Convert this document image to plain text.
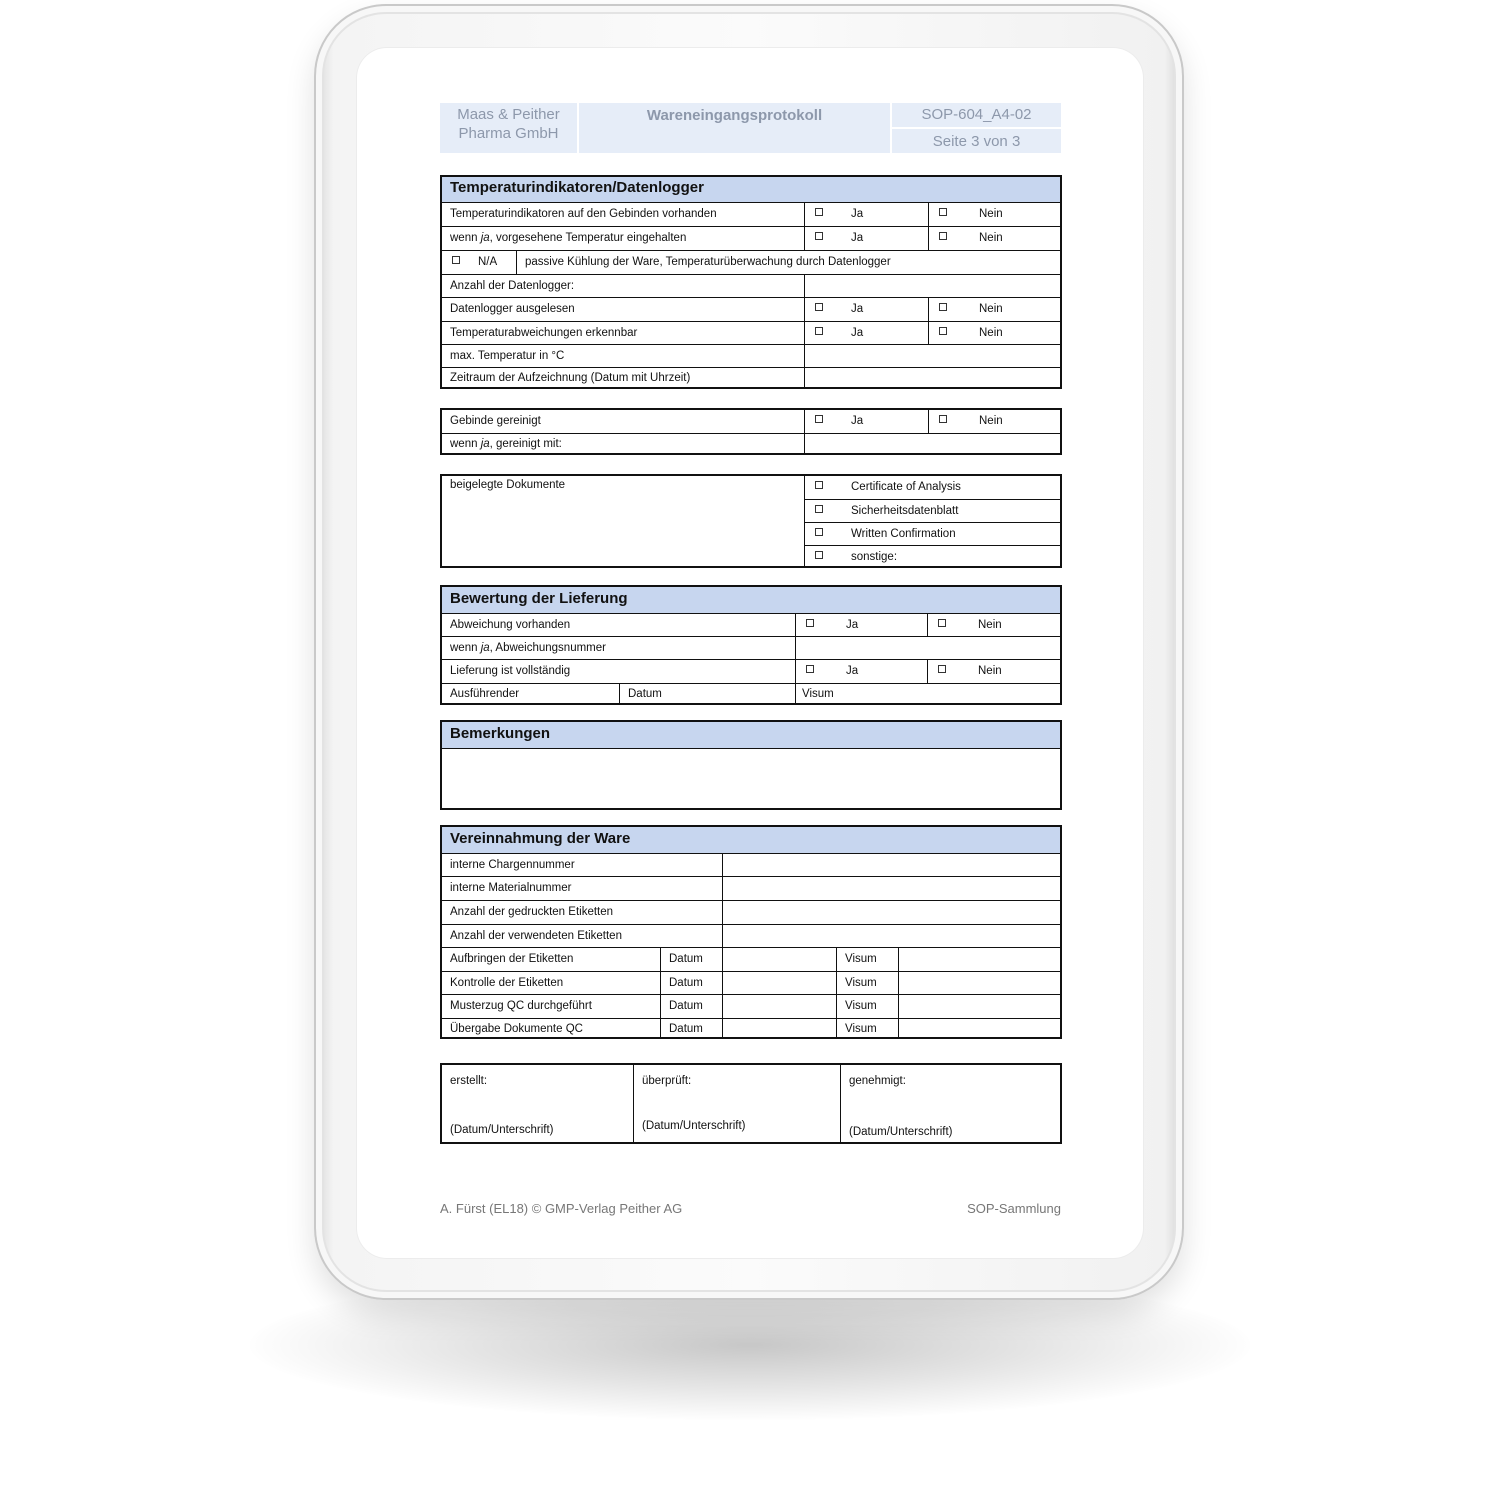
Maas & Peither
Pharma GmbH
Wareneingangsprotokoll	SOP-604_A4-02
Seite 3 von 3
Temperaturindikatoren/Datenlogger
Temperaturindikatoren auf den Gebinden vorhanden	Ja	Nein
wenn ja, vorgesehene Temperatur eingehalten	Ja	Nein
N/A	passive Kühlung der Ware, Temperaturüberwachung durch Datenlogger
Anzahl der Datenlogger:
Datenlogger ausgelesen	Ja	Nein
Temperaturabweichungen erkennbar	Ja	Nein
max. Temperatur in °C
Zeitraum der Aufzeichnung (Datum mit Uhrzeit)
Gebinde gereinigt	Ja	Nein
wenn ja, gereinigt mit:
beigelegte Dokumente	Certificate of Analysis
Sicherheitsdatenblatt
Written Confirmation
sonstige:
Bewertung der Lieferung
Abweichung vorhanden	Ja	Nein
wenn ja, Abweichungsnummer
Lieferung ist vollständig	Ja	Nein
Ausführender	Datum	Visum
Bemerkungen
Vereinnahmung der Ware
interne Chargennummer
interne Materialnummer
Anzahl der gedruckten Etiketten
Anzahl der verwendeten Etiketten
Aufbringen der Etiketten	Datum	Visum
Kontrolle der Etiketten	Datum	Visum
Musterzug QC durchgeführt	Datum	Visum
Übergabe Dokumente QC	Datum	Visum
erstellt:
(Datum/Unterschrift)
überprüft:
(Datum/Unterschrift)
genehmigt:
(Datum/Unterschrift)
A. Fürst (EL18) © GMP-Verlag Peither AG	SOP-Sammlung
